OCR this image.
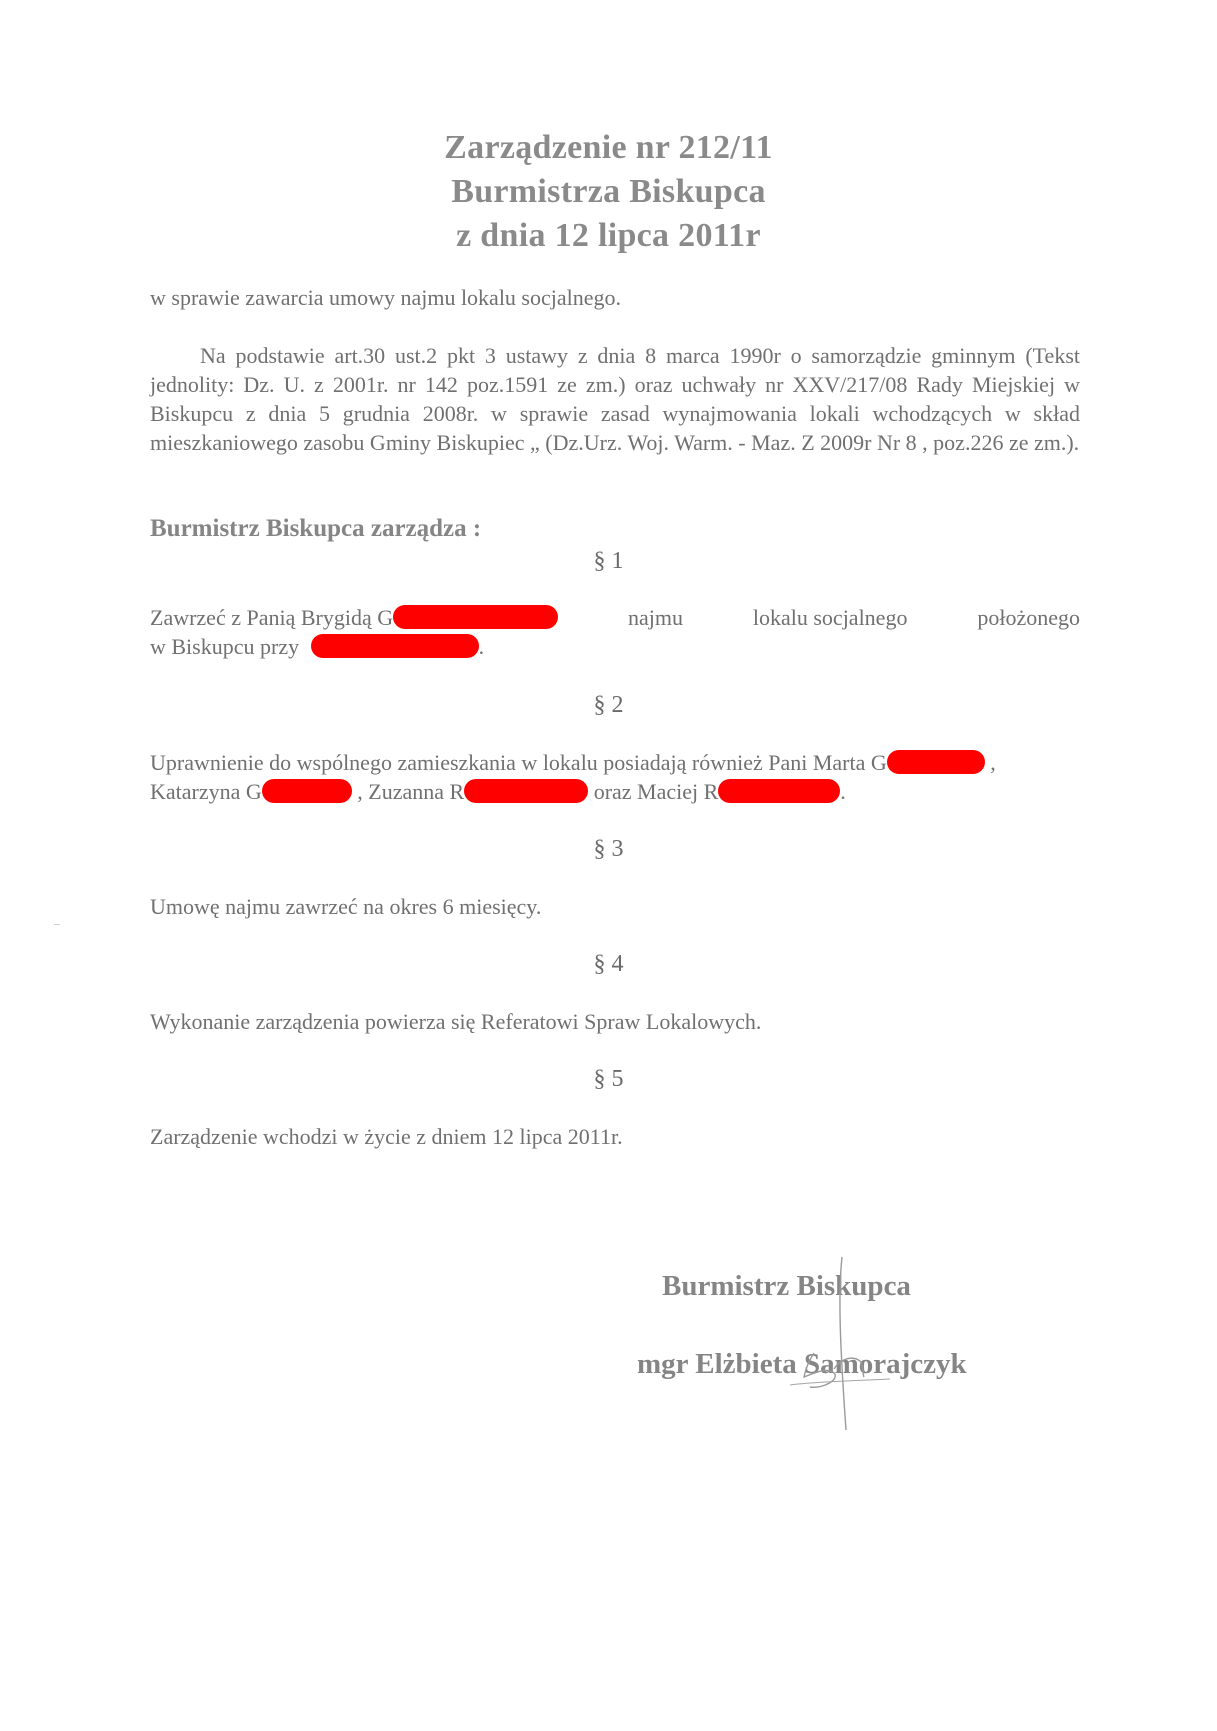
Zarządzenie nr 212/11
Burmistrza Biskupca
z dnia 12 lipca 2011r
w sprawie zawarcia umowy najmu lokalu socjalnego.
Na podstawie art.30 ust.2 pkt 3 ustawy z dnia 8 marca 1990r o samorządzie gminnym (Tekst jednolity: Dz. U. z 2001r. nr 142 poz.1591 ze zm.) oraz uchwały nr XXV/217/08 Rady Miejskiej w Biskupcu z dnia 5 grudnia 2008r. w sprawie zasad wynajmowania lokali wchodzących w skład mieszkaniowego zasobu Gminy Biskupiec „ (Dz.Urz. Woj. Warm. - Maz. Z 2009r Nr 8 , poz.226 ze zm.).
Burmistrz Biskupca zarządza :
§ 1
Zawrzeć z Panią Brygidą G	najmu	lokalu socjalnego	położonego
w Biskupcu przy	.
§ 2
Uprawnienie do wspólnego zamieszkania w lokalu posiadają również Pani Marta G	,
Katarzyna G	, Zuzanna R	oraz Maciej R	.
§ 3
Umowę najmu zawrzeć na okres 6 miesięcy.
§ 4
Wykonanie zarządzenia powierza się Referatowi Spraw Lokalowych.
§ 5
Zarządzenie wchodzi w życie z dniem 12 lipca 2011r.
Burmistrz Biskupca
mgr Elżbieta Samorajczyk
